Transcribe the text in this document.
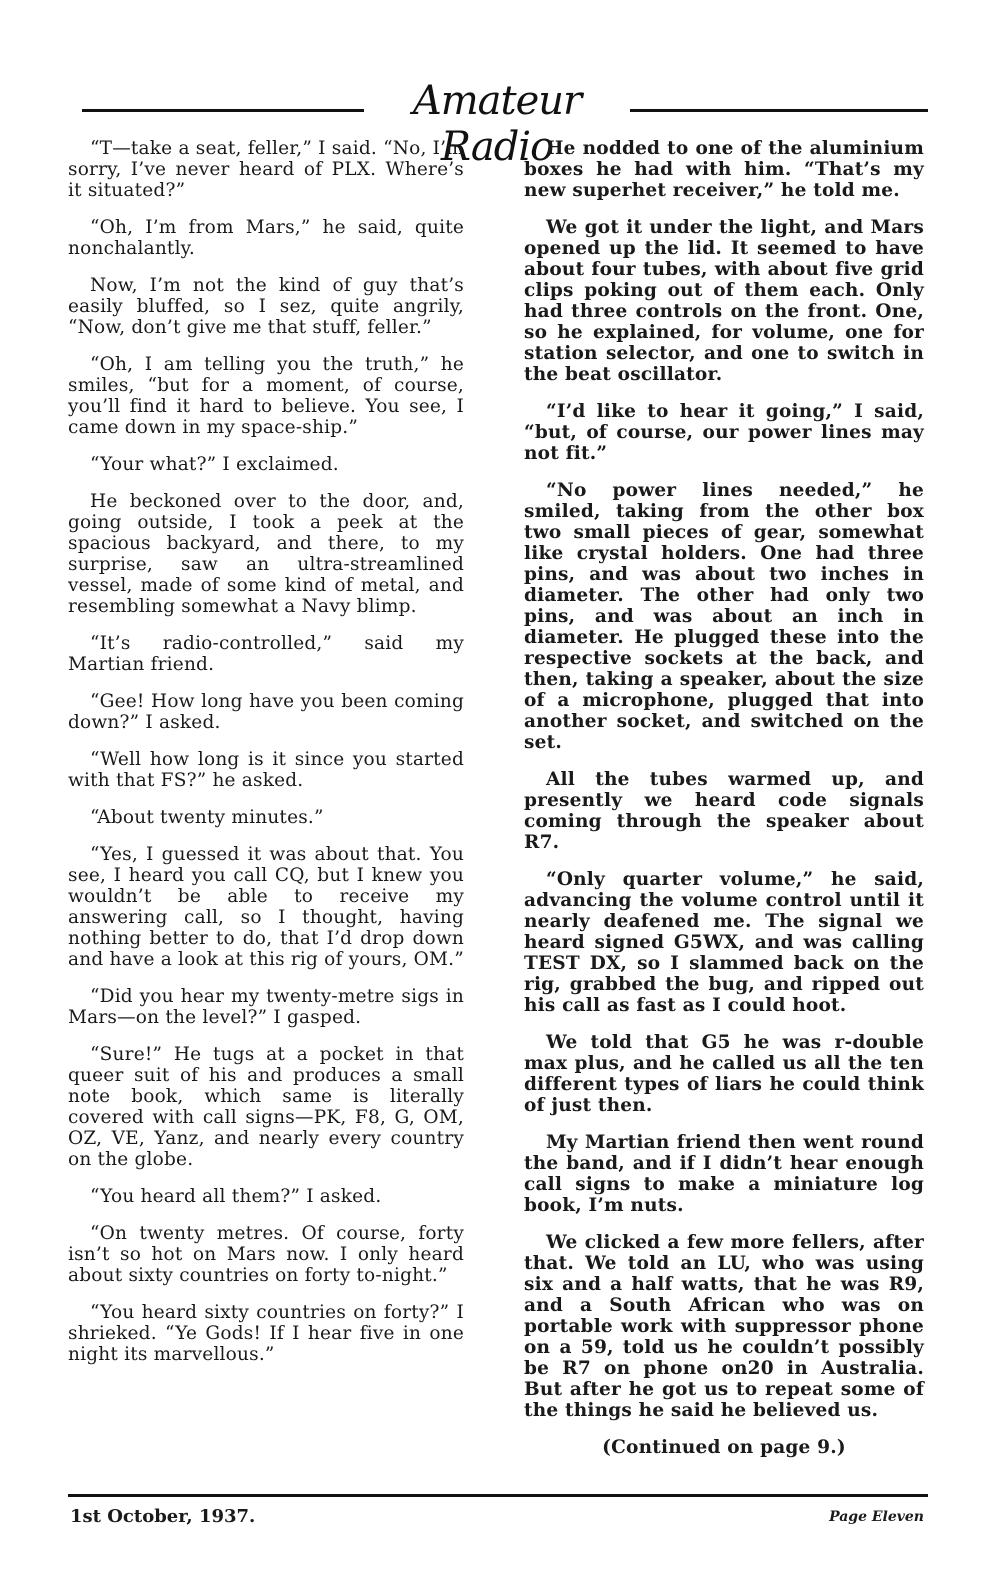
Amateur Radio

“T—take a seat, feller,” I said. “No, I’m sorry, I’ve never heard of PLX. Where’s it situated?”

“Oh, I’m from Mars,” he said, quite nonchalantly.

Now, I’m not the kind of guy that’s easily bluffed, so I sez, quite angrily, “Now, don’t give me that stuff, feller.”

“Oh, I am telling you the truth,” he smiles, “but for a moment, of course, you’ll find it hard to believe. You see, I came down in my space-ship.”

“Your what?” I exclaimed.

He beckoned over to the door, and, going outside, I took a peek at the spacious backyard, and there, to my surprise, saw an ultra-streamlined vessel, made of some kind of metal, and resembling somewhat a Navy blimp.

“It’s radio-controlled,” said my Martian friend.

“Gee! How long have you been coming down?” I asked.

“Well how long is it since you started with that FS?” he asked.

“About twenty minutes.”

“Yes, I guessed it was about that. You see, I heard you call CQ, but I knew you wouldn’t be able to receive my answering call, so I thought, having nothing better to do, that I’d drop down and have a look at this rig of yours, OM.”

“Did you hear my twenty-metre sigs in Mars—on the level?” I gasped.

“Sure!” He tugs at a pocket in that queer suit of his and produces a small note book, which same is literally covered with call signs—PK, F8, G, OM, OZ, VE, Yanz, and nearly every country on the globe.

“You heard all them?” I asked.

“On twenty metres. Of course, forty isn’t so hot on Mars now. I only heard about sixty countries on forty to-night.”

“You heard sixty countries on forty?” I shrieked. “Ye Gods! If I hear five in one night its marvellous.”

He nodded to one of the aluminium boxes he had with him. “That’s my new superhet receiver,” he told me.

We got it under the light, and Mars opened up the lid. It seemed to have about four tubes, with about five grid clips poking out of them each. Only had three controls on the front. One, so he explained, for volume, one for station selector, and one to switch in the beat oscillator.

“I’d like to hear it going,” I said, “but, of course, our power lines may not fit.”

“No power lines needed,” he smiled, taking from the other box two small pieces of gear, somewhat like crystal holders. One had three pins, and was about two inches in diameter. The other had only two pins, and was about an inch in diameter. He plugged these into the respective sockets at the back, and then, taking a speaker, about the size of a microphone, plugged that into another socket, and switched on the set.

All the tubes warmed up, and presently we heard code signals coming through the speaker about R7.

“Only quarter volume,” he said, advancing the volume control until it nearly deafened me. The signal we heard signed G5WX, and was calling TEST DX, so I slammed back on the rig, grabbed the bug, and ripped out his call as fast as I could hoot.

We told that G5 he was r-double max plus, and he called us all the ten different types of liars he could think of just then.

My Martian friend then went round the band, and if I didn’t hear enough call signs to make a miniature log book, I’m nuts.

We clicked a few more fellers, after that. We told an LU, who was using six and a half watts, that he was R9, and a South African who was on portable work with suppressor phone on a 59, told us he couldn’t possibly be R7 on phone on20 in Australia. But after he got us to repeat some of the things he said he believed us.

(Continued on page 9.)

1st October, 1937.	Page Eleven
